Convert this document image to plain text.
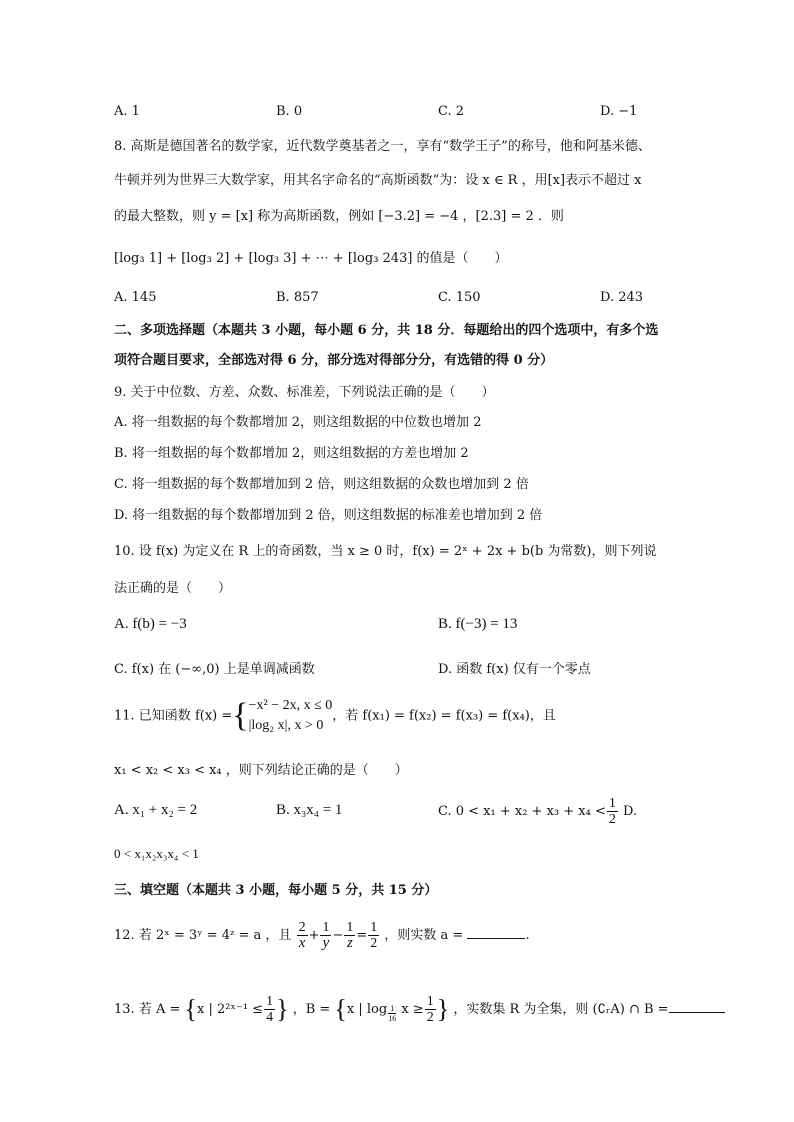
A. 1	B. 0	C. 2	D. −1
8. 高斯是德国著名的数学家，近代数学奠基者之一，享有“数学王子”的称号，他和阿基米德、
牛顿并列为世界三大数学家，用其名字命名的“高斯函数”为：设 x ∈ R ，用[x]表示不超过 x
的最大整数，则 y = [x] 称为高斯函数，例如 [−3.2] = −4 ，[2.3] = 2 ．则
[log₃ 1] + [log₃ 2] + [log₃ 3] + ⋯ + [log₃ 243] 的值是（　　）
A. 145	B. 857	C. 150	D. 243
二、多项选择题（本题共 3 小题，每小题 6 分，共 18 分．每题给出的四个选项中，有多个选
项符合题目要求，全部选对得 6 分，部分选对得部分分，有选错的得 0 分）
9. 关于中位数、方差、众数、标准差，下列说法正确的是（　　）
A. 将一组数据的每个数都增加 2，则这组数据的中位数也增加 2
B. 将一组数据的每个数都增加 2，则这组数据的方差也增加 2
C. 将一组数据的每个数都增加到 2 倍，则这组数据的众数也增加到 2 倍
D. 将一组数据的每个数都增加到 2 倍，则这组数据的标准差也增加到 2 倍
10. 设 f(x) 为定义在 R 上的奇函数，当 x ≥ 0 时，f(x) = 2ˣ + 2x + b(b 为常数)，则下列说
法正确的是（　　）
A. f(b) = −3	B. f(−3) = 13
C. f(x) 在 (−∞,0) 上是单调减函数	D. 函数 f(x) 仅有一个零点
11. 已知函数 f(x) ={ −x² − 2x, x ≤ 0
|log₂ x|, x > 0
，若 f(x₁) = f(x₂) = f(x₃) = f(x₄)，且
x₁ < x₂ < x₃ < x₄ ，则下列结论正确的是（　　）
A. x₁ + x₂ = 2	B. x₃x₄ = 1	C. $0 < x_1 + x_2 + x_3 + x_4 < \frac{1}{2} D$.
0 < x₁x₂x₃x₄ < 1
三、填空题（本题共 3 小题，每小题 5 分，共 15 分）
12. 若 2ˣ = 3ʸ = 4ᶻ = a ，且 $\frac{2}{x} + \frac{1}{y} - \frac{1}{z} = \frac{1}{2}$ ，则实数 a =	.
13. 若 A = {x | 2²ˣ⁻¹ ≤ $\frac{1}{4}$ } ，B = {x | $\log \frac{1}{16}$ $x \ge \frac{1}{2}$ } ，实数集 R 为全集，则 (∁ᵣA) ∩ B =
